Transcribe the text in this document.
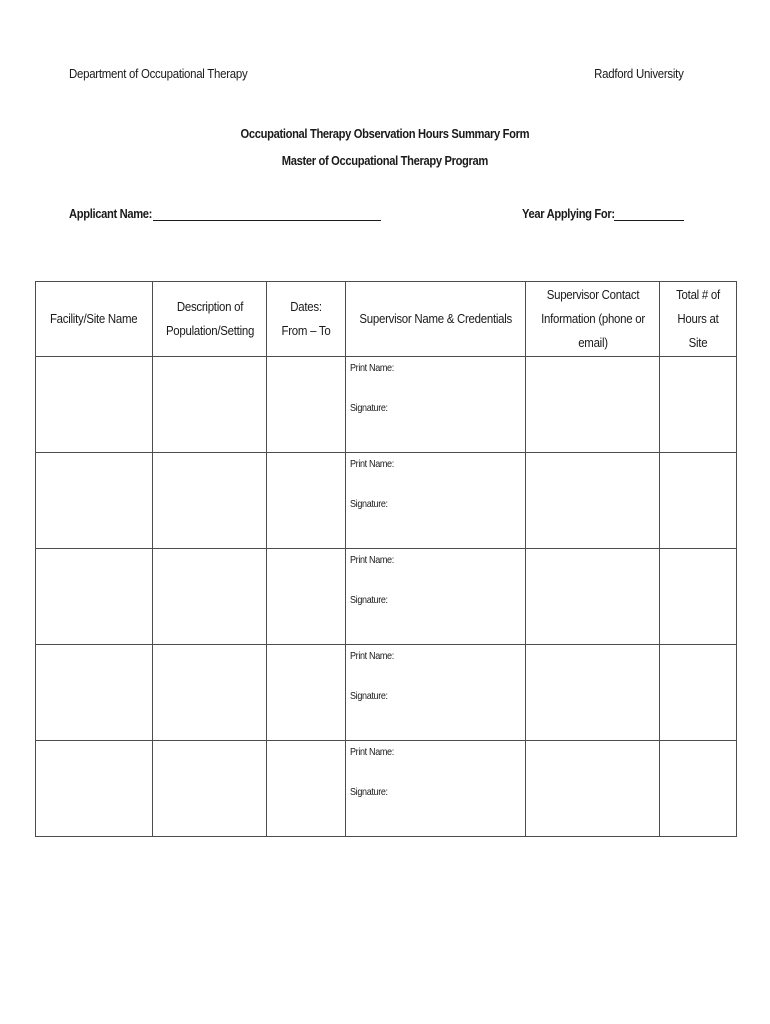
Department of Occupational Therapy	Radford University
Occupational Therapy Observation Hours Summary Form
Master of Occupational Therapy Program
Applicant Name:	Year Applying For:
Facility/Site Name	Description of Population/Setting	Dates: From – To	Supervisor Name & Credentials	Supervisor Contact Information (phone or email)	Total # of Hours at Site

			Print Name:
Signature:		

			Print Name:
Signature:		

			Print Name:
Signature:		

			Print Name:
Signature:		

			Print Name:
Signature:		
